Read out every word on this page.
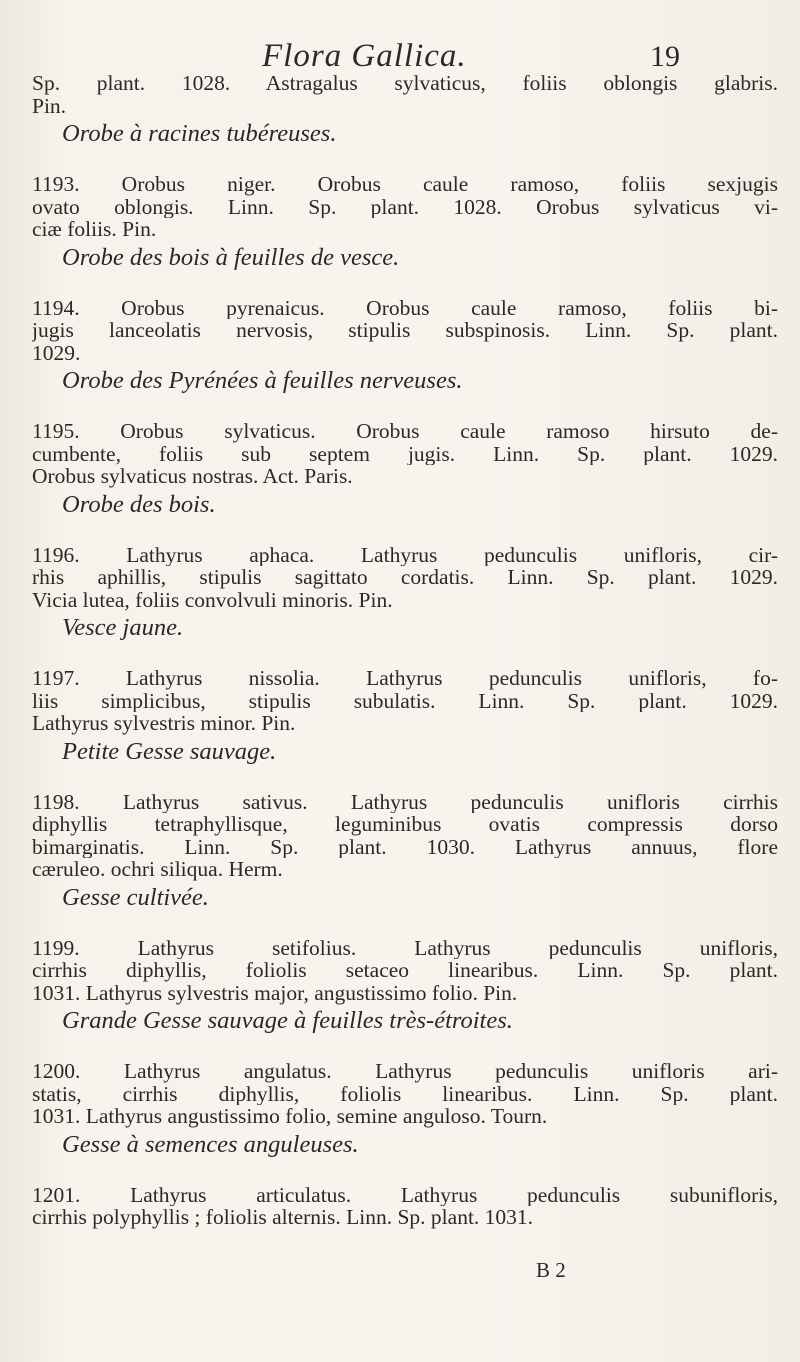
Flora Gallica.	19
Sp. plant. 1028. Astragalus sylvaticus, foliis oblongis glabris.
Pin.
Orobe à racines tubéreuses.
1193. Orobus niger. Orobus caule ramoso, foliis sexjugis
ovato oblongis. Linn. Sp. plant. 1028. Orobus sylvaticus vi-
ciæ foliis. Pin.
Orobe des bois à feuilles de vesce.
1194. Orobus pyrenaicus. Orobus caule ramoso, foliis bi-
jugis lanceolatis nervosis, stipulis subspinosis. Linn. Sp. plant.
1029.
Orobe des Pyrénées à feuilles nerveuses.
1195. Orobus sylvaticus. Orobus caule ramoso hirsuto de-
cumbente, foliis sub septem jugis. Linn. Sp. plant. 1029.
Orobus sylvaticus nostras. Act. Paris.
Orobe des bois.
1196. Lathyrus aphaca. Lathyrus pedunculis unifloris, cir-
rhis aphillis, stipulis sagittato cordatis. Linn. Sp. plant. 1029.
Vicia lutea, foliis convolvuli minoris. Pin.
Vesce jaune.
1197. Lathyrus nissolia. Lathyrus pedunculis unifloris, fo-
liis simplicibus, stipulis subulatis. Linn. Sp. plant. 1029.
Lathyrus sylvestris minor. Pin.
Petite Gesse sauvage.
1198. Lathyrus sativus. Lathyrus pedunculis unifloris cirrhis
diphyllis tetraphyllisque, leguminibus ovatis compressis dorso
bimarginatis. Linn. Sp. plant. 1030. Lathyrus annuus, flore
cæruleo. ochri siliqua. Herm.
Gesse cultivée.
1199. Lathyrus setifolius. Lathyrus pedunculis unifloris,
cirrhis diphyllis, foliolis setaceo linearibus. Linn. Sp. plant.
1031. Lathyrus sylvestris major, angustissimo folio. Pin.
Grande Gesse sauvage à feuilles très-étroites.
1200. Lathyrus angulatus. Lathyrus pedunculis unifloris ari-
statis, cirrhis diphyllis, foliolis linearibus. Linn. Sp. plant.
1031. Lathyrus angustissimo folio, semine anguloso. Tourn.
Gesse à semences anguleuses.
1201. Lathyrus articulatus. Lathyrus pedunculis subunifloris,
cirrhis polyphyllis ; foliolis alternis. Linn. Sp. plant. 1031.
B 2
